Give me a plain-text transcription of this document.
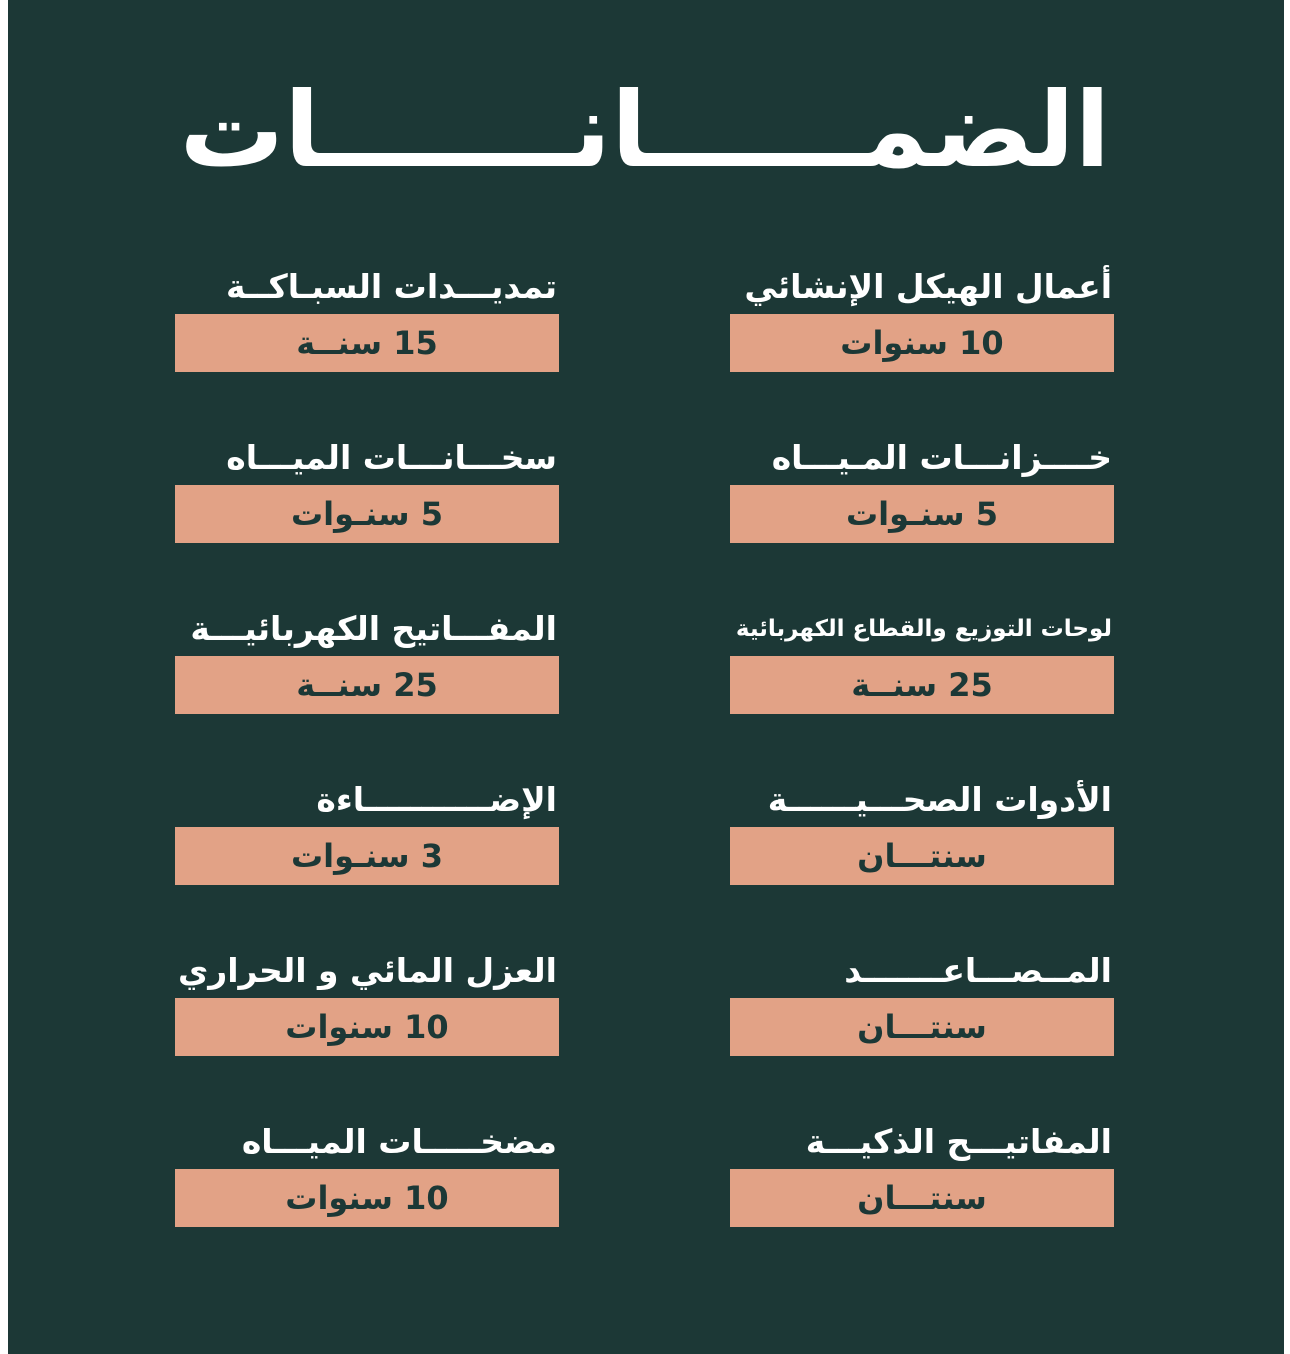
الضمــــــانـــــــات
أعمال الهيكل الإنشائي
10 سنوات
خــــزانـــات المـيـــاه
5 سنـوات
لوحات التوزيع والقطاع الكهربائية
25 سنــة
الأدوات الصحـــيــــــة
سنتـــان
المــصـــاعـــــــد
سنتـــان
المفاتيـــح الذكيـــة
سنتـــان
تمديـــدات السبـاكــة
15 سنــة
سخـــانـــات الميـــاه
5 سنـوات
المفـــاتيح الكهربائيـــة
25 سنــة
الإضـــــــــــاءة
3 سنـوات
العزل المائي و الحراري
10 سنوات
مضخـــــات الميـــاه
10 سنوات
